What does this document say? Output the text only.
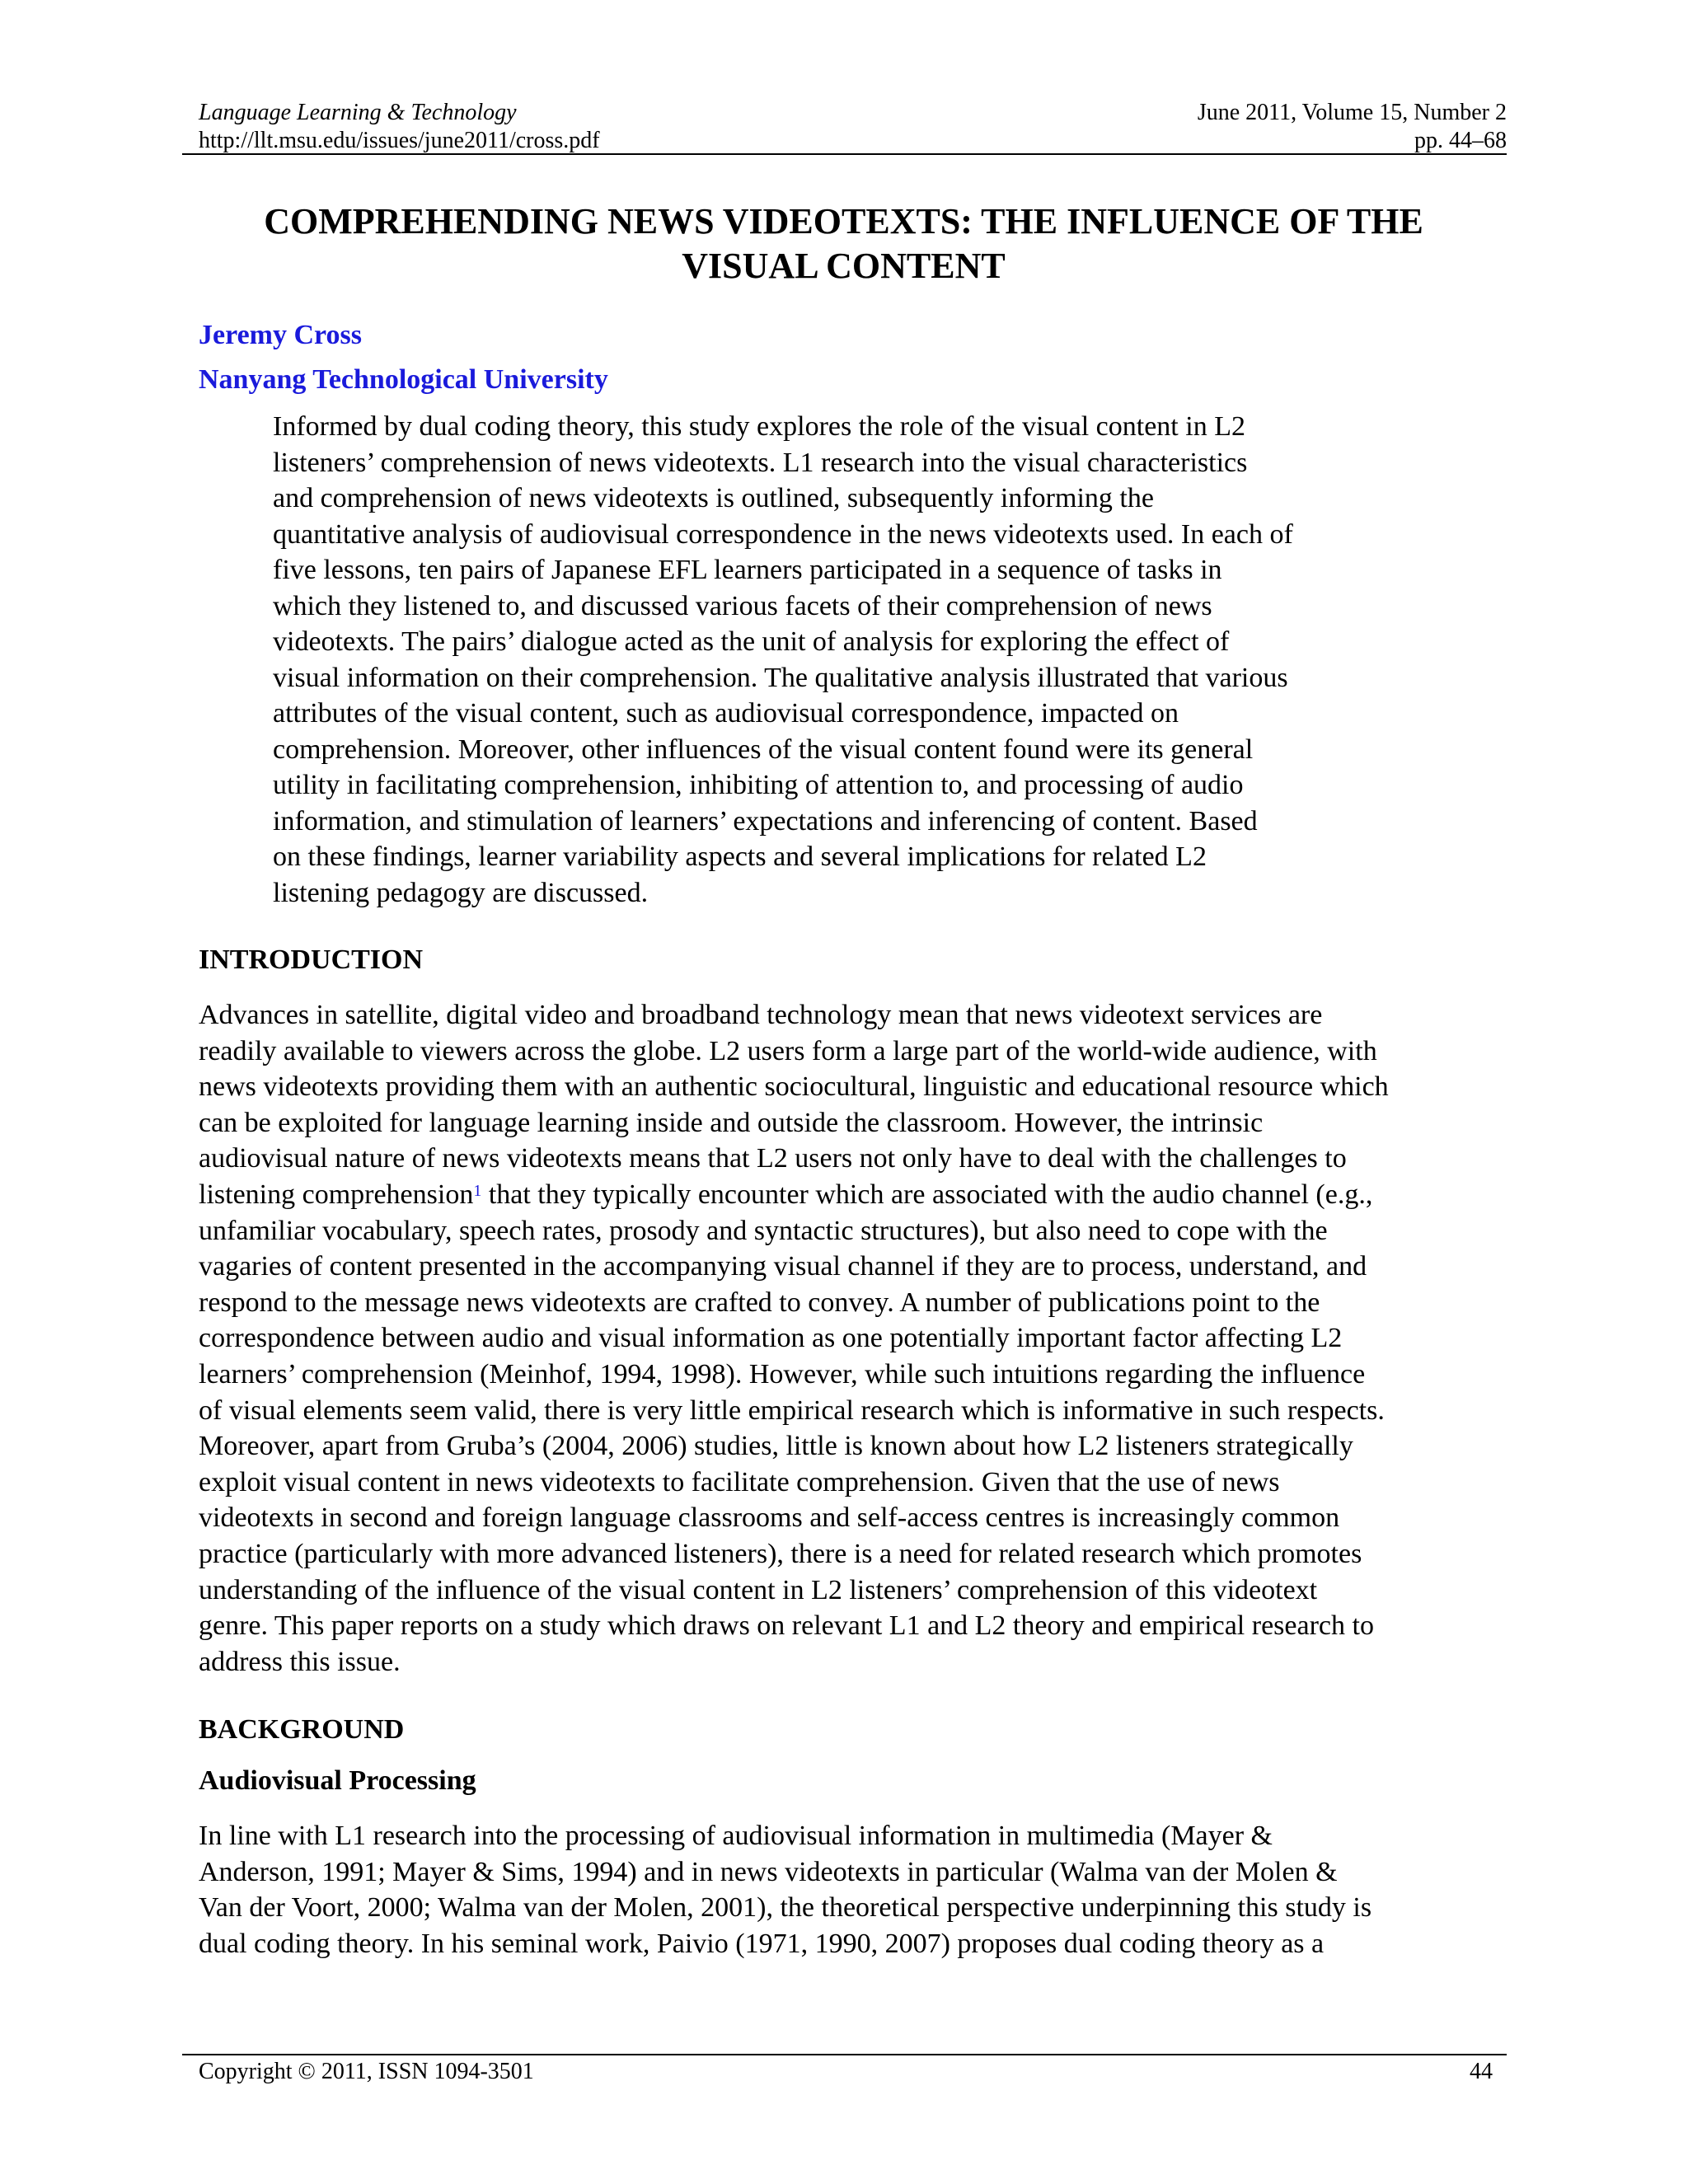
Language Learning & Technology	June 2011, Volume 15, Number 2
http://llt.msu.edu/issues/june2011/cross.pdf	pp. 44–68
COMPREHENDING NEWS VIDEOTEXTS: THE INFLUENCE OF THE
VISUAL CONTENT
Jeremy Cross
Nanyang Technological University
Informed by dual coding theory, this study explores the role of the visual content in L2
listeners’ comprehension of news videotexts. L1 research into the visual characteristics
and comprehension of news videotexts is outlined, subsequently informing the
quantitative analysis of audiovisual correspondence in the news videotexts used. In each of
five lessons, ten pairs of Japanese EFL learners participated in a sequence of tasks in
which they listened to, and discussed various facets of their comprehension of news
videotexts. The pairs’ dialogue acted as the unit of analysis for exploring the effect of
visual information on their comprehension. The qualitative analysis illustrated that various
attributes of the visual content, such as audiovisual correspondence, impacted on
comprehension. Moreover, other influences of the visual content found were its general
utility in facilitating comprehension, inhibiting of attention to, and processing of audio
information, and stimulation of learners’ expectations and inferencing of content. Based
on these findings, learner variability aspects and several implications for related L2
listening pedagogy are discussed.
INTRODUCTION
Advances in satellite, digital video and broadband technology mean that news videotext services are
readily available to viewers across the globe. L2 users form a large part of the world-wide audience, with
news videotexts providing them with an authentic sociocultural, linguistic and educational resource which
can be exploited for language learning inside and outside the classroom. However, the intrinsic
audiovisual nature of news videotexts means that L2 users not only have to deal with the challenges to
listening comprehension$^1$ that they typically encounter which are associated with the audio channel (e.g.,
unfamiliar vocabulary, speech rates, prosody and syntactic structures), but also need to cope with the
vagaries of content presented in the accompanying visual channel if they are to process, understand, and
respond to the message news videotexts are crafted to convey. A number of publications point to the
correspondence between audio and visual information as one potentially important factor affecting L2
learners’ comprehension (Meinhof, 1994, 1998). However, while such intuitions regarding the influence
of visual elements seem valid, there is very little empirical research which is informative in such respects.
Moreover, apart from Gruba’s (2004, 2006) studies, little is known about how L2 listeners strategically
exploit visual content in news videotexts to facilitate comprehension. Given that the use of news
videotexts in second and foreign language classrooms and self-access centres is increasingly common
practice (particularly with more advanced listeners), there is a need for related research which promotes
understanding of the influence of the visual content in L2 listeners’ comprehension of this videotext
genre. This paper reports on a study which draws on relevant L1 and L2 theory and empirical research to
address this issue.
BACKGROUND
Audiovisual Processing
In line with L1 research into the processing of audiovisual information in multimedia (Mayer &
Anderson, 1991; Mayer & Sims, 1994) and in news videotexts in particular (Walma van der Molen &
Van der Voort, 2000; Walma van der Molen, 2001), the theoretical perspective underpinning this study is
dual coding theory. In his seminal work, Paivio (1971, 1990, 2007) proposes dual coding theory as a
Copyright © 2011, ISSN 1094-3501	44
